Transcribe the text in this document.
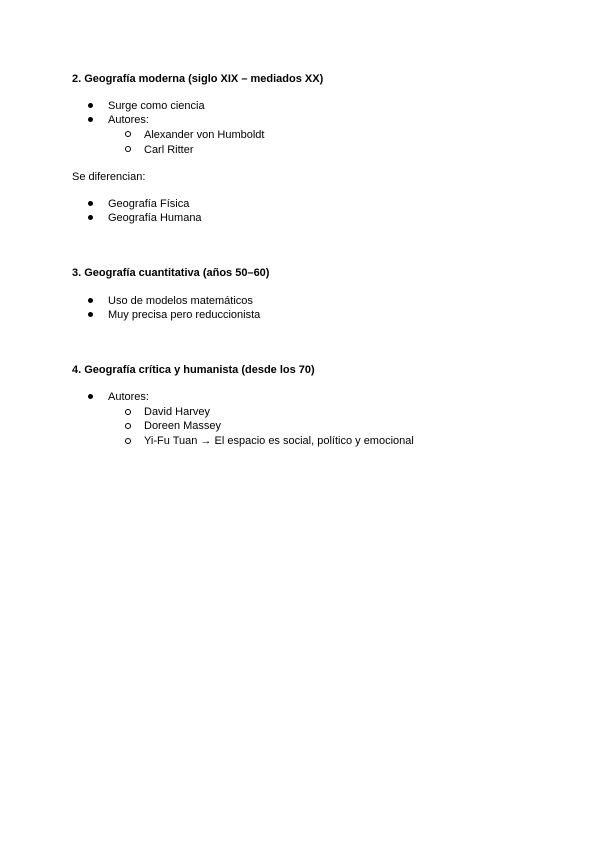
2. Geografía moderna (siglo XIX – mediados XX)
Surge como ciencia
Autores:
Alexander von Humboldt
Carl Ritter
Se diferencian:
Geografía Física
Geografía Humana
3. Geografía cuantitativa (años 50–60)
Uso de modelos matemáticos
Muy precisa pero reduccionista
4. Geografía crítica y humanista (desde los 70)
Autores:
David Harvey
Doreen Massey
Yi-Fu Tuan → El espacio es social, político y emocional
